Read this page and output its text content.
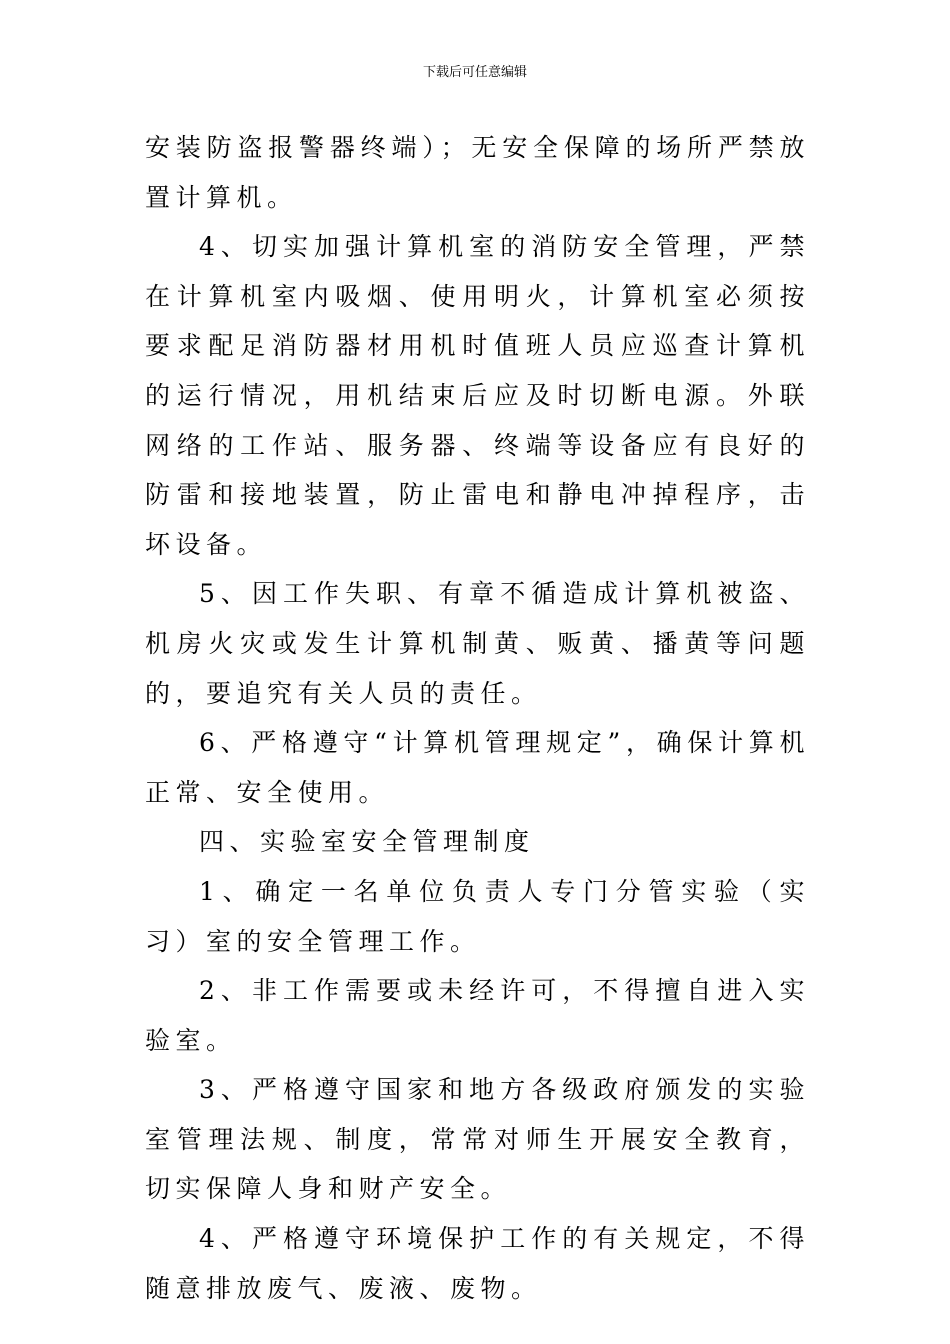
下载后可任意编辑

安装防盗报警器终端）；无安全保障的场所严禁放置计算机。

4、切实加强计算机室的消防安全管理，严禁在计算机室内吸烟、使用明火，计算机室必须按要求配足消防器材用机时值班人员应巡查计算机的运行情况，用机结束后应及时切断电源。外联网络的工作站、服务器、终端等设备应有良好的防雷和接地装置，防止雷电和静电冲掉程序，击坏设备。

5、因工作失职、有章不循造成计算机被盗、机房火灾或发生计算机制黄、贩黄、播黄等问题的，要追究有关人员的责任。

6、严格遵守“计算机管理规定”，确保计算机正常、安全使用。

四、实验室安全管理制度

1、确定一名单位负责人专门分管实验（实习）室的安全管理工作。

2、非工作需要或未经许可，不得擅自进入实验室。

3、严格遵守国家和地方各级政府颁发的实验室管理法规、制度，常常对师生开展安全教育，切实保障人身和财产安全。

4、严格遵守环境保护工作的有关规定，不得随意排放废气、废液、废物。
